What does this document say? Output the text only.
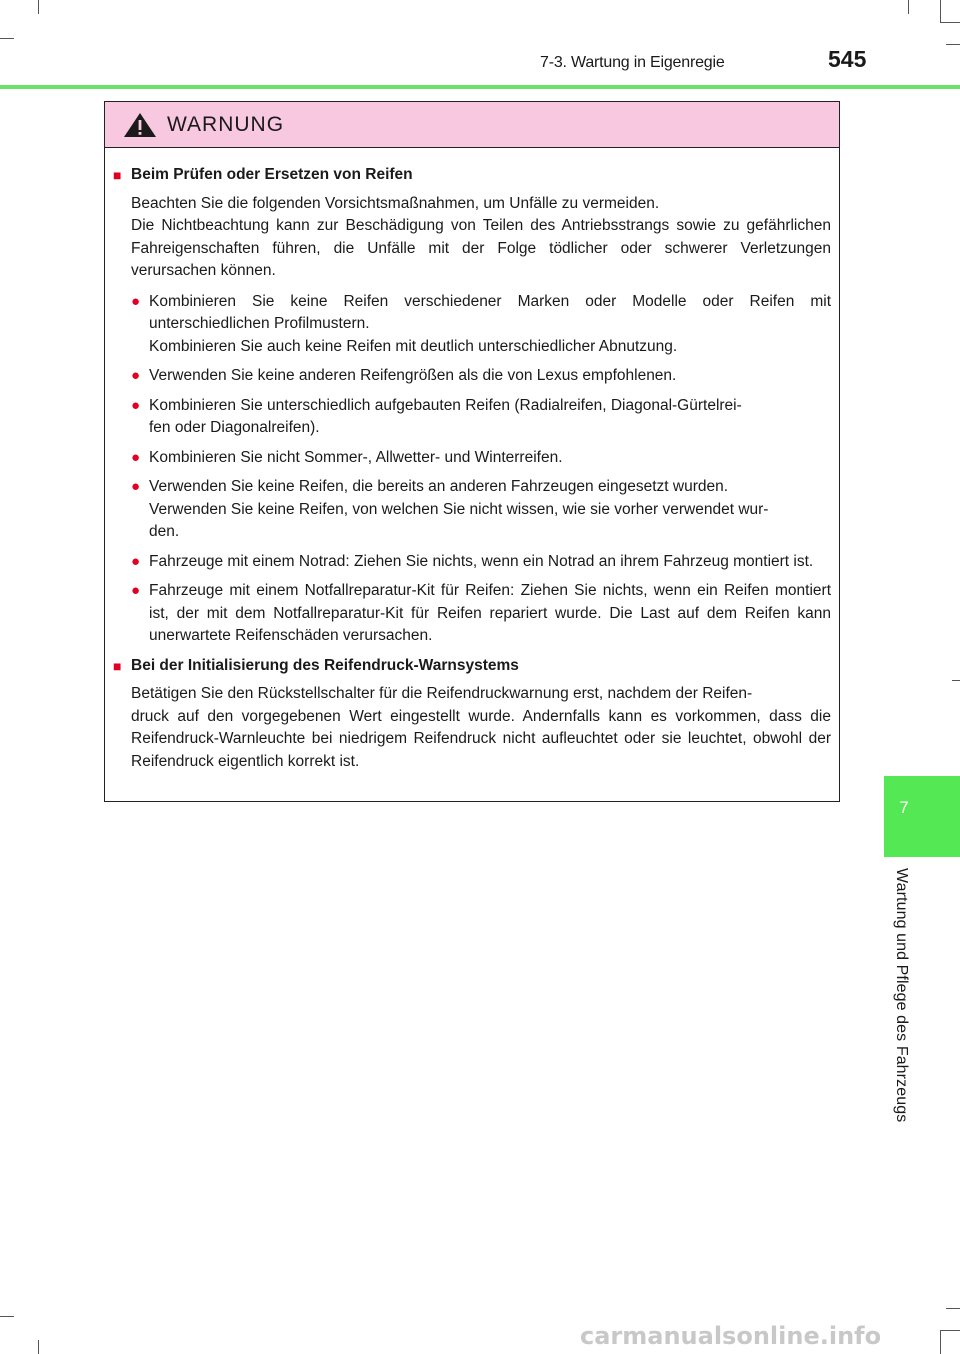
7-3. Wartung in Eigenregie	545
7
Wartung und Pflege des Fahrzeugs
WARNUNG
■ Beim Prüfen oder Ersetzen von Reifen
Beachten Sie die folgenden Vorsichtsmaßnahmen, um Unfälle zu vermeiden.
Die Nichtbeachtung kann zur Beschädigung von Teilen des Antriebsstrangs sowie zu gefährlichen Fahreigenschaften führen, die Unfälle mit der Folge tödlicher oder schwerer Verletzungen verursachen können.
● Kombinieren Sie keine Reifen verschiedener Marken oder Modelle oder Reifen mit unterschiedlichen Profilmustern.
Kombinieren Sie auch keine Reifen mit deutlich unterschiedlicher Abnutzung.
● Verwenden Sie keine anderen Reifengrößen als die von Lexus empfohlenen.
● Kombinieren Sie unterschiedlich aufgebauten Reifen (Radialreifen, Diagonal-Gürtelrei-
fen oder Diagonalreifen).
● Kombinieren Sie nicht Sommer-, Allwetter- und Winterreifen.
● Verwenden Sie keine Reifen, die bereits an anderen Fahrzeugen eingesetzt wurden.
Verwenden Sie keine Reifen, von welchen Sie nicht wissen, wie sie vorher verwendet wur-
den.
● Fahrzeuge mit einem Notrad: Ziehen Sie nichts, wenn ein Notrad an ihrem Fahrzeug montiert ist.
● Fahrzeuge mit einem Notfallreparatur-Kit für Reifen: Ziehen Sie nichts, wenn ein Reifen montiert ist, der mit dem Notfallreparatur-Kit für Reifen repariert wurde. Die Last auf dem Reifen kann unerwartete Reifenschäden verursachen.
■ Bei der Initialisierung des Reifendruck-Warnsystems
Betätigen Sie den Rückstellschalter für die Reifendruckwarnung erst, nachdem der Reifen-
druck auf den vorgegebenen Wert eingestellt wurde. Andernfalls kann es vorkommen, dass die Reifendruck-Warnleuchte bei niedrigem Reifendruck nicht aufleuchtet oder sie leuchtet, obwohl der Reifendruck eigentlich korrekt ist.
carmanualsonline.info
